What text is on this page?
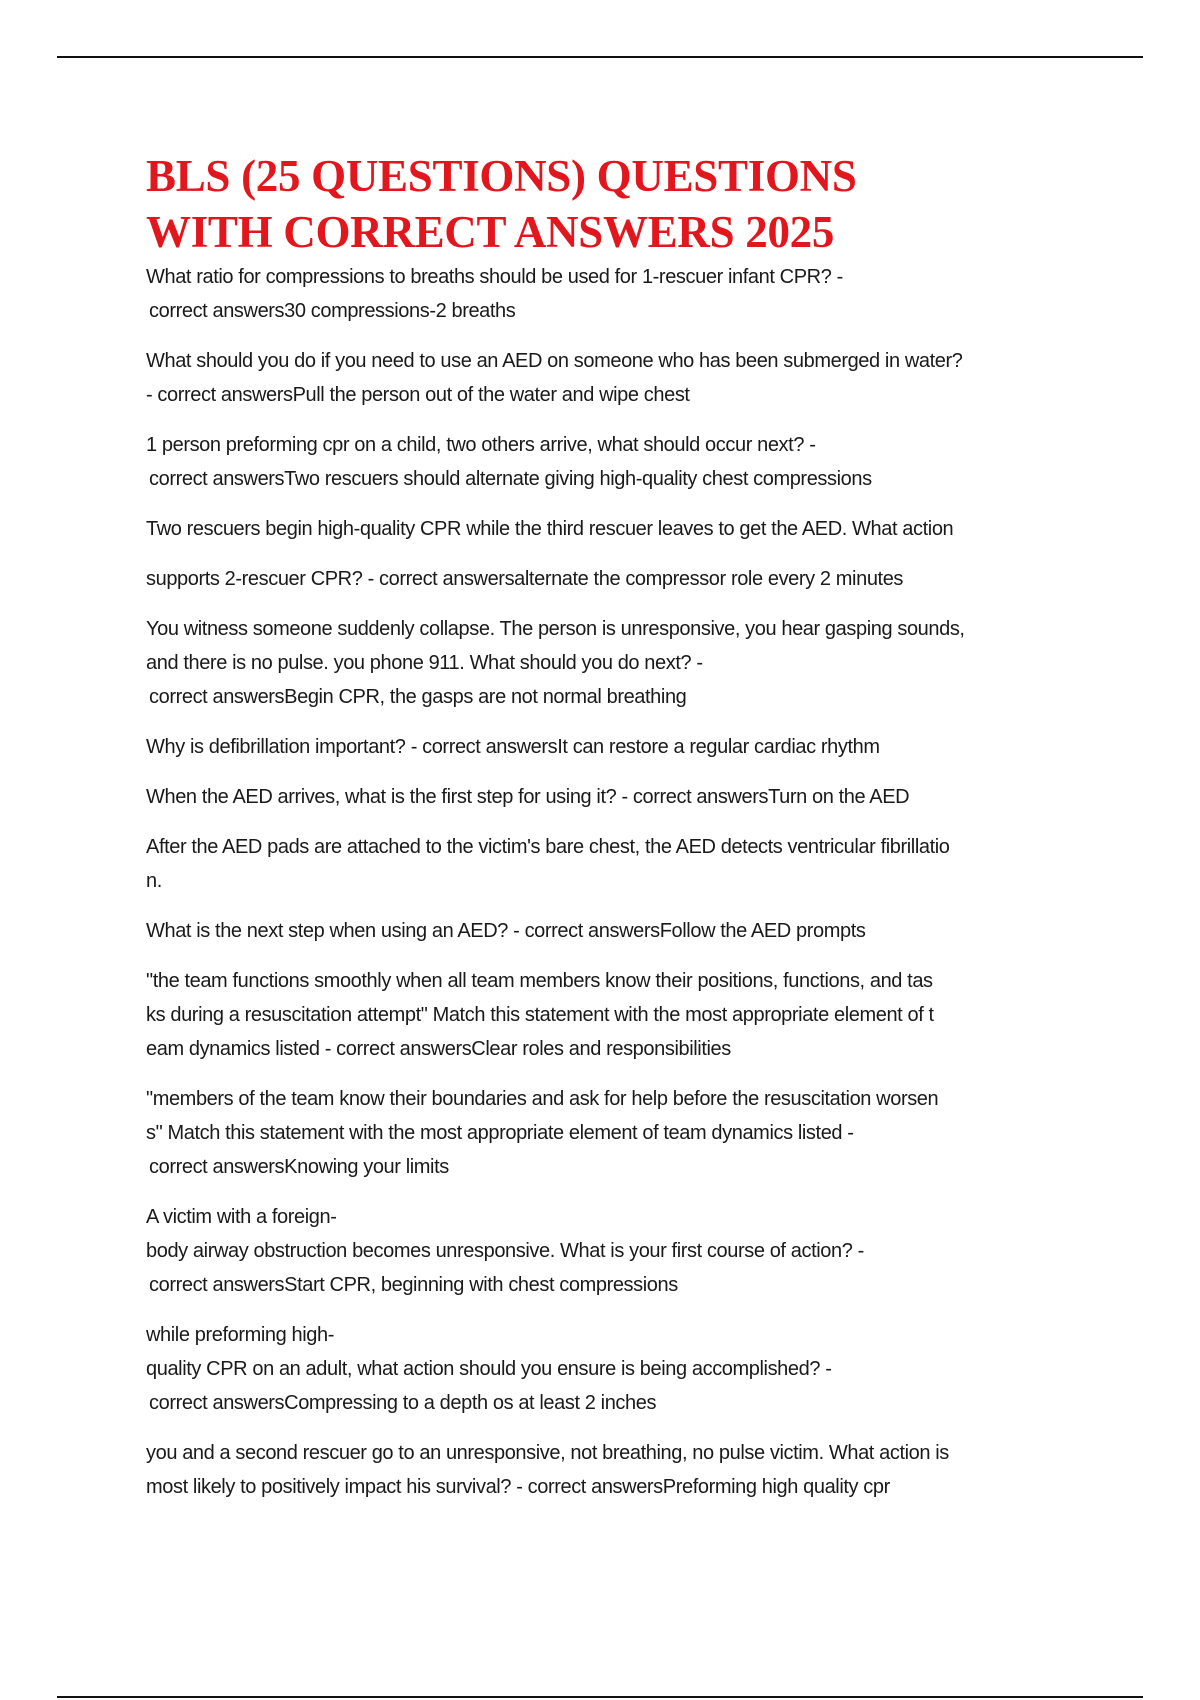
BLS (25 QUESTIONS) QUESTIONS
WITH CORRECT ANSWERS 2025

What ratio for compressions to breaths should be used for 1-rescuer infant CPR? -
correct answers30 compressions-2 breaths

What should you do if you need to use an AED on someone who has been submerged in water?
- correct answersPull the person out of the water and wipe chest

1 person preforming cpr on a child, two others arrive, what should occur next? -
correct answersTwo rescuers should alternate giving high-quality chest compressions

Two rescuers begin high-quality CPR while the third rescuer leaves to get the AED. What action

supports 2-rescuer CPR? - correct answersalternate the compressor role every 2 minutes

You witness someone suddenly collapse. The person is unresponsive, you hear gasping sounds,
and there is no pulse. you phone 911. What should you do next? -
correct answersBegin CPR, the gasps are not normal breathing

Why is defibrillation important? - correct answersIt can restore a regular cardiac rhythm

When the AED arrives, what is the first step for using it? - correct answersTurn on the AED

After the AED pads are attached to the victim's bare chest, the AED detects ventricular fibrillatio
n.

What is the next step when using an AED? - correct answersFollow the AED prompts

"the team functions smoothly when all team members know their positions, functions, and tas
ks during a resuscitation attempt" Match this statement with the most appropriate element of t
eam dynamics listed - correct answersClear roles and responsibilities

"members of the team know their boundaries and ask for help before the resuscitation worsen
s" Match this statement with the most appropriate element of team dynamics listed -
correct answersKnowing your limits

A victim with a foreign-
body airway obstruction becomes unresponsive. What is your first course of action? -
correct answersStart CPR, beginning with chest compressions

while preforming high-
quality CPR on an adult, what action should you ensure is being accomplished? -
correct answersCompressing to a depth os at least 2 inches

you and a second rescuer go to an unresponsive, not breathing, no pulse victim. What action is
most likely to positively impact his survival? - correct answersPreforming high quality cpr
